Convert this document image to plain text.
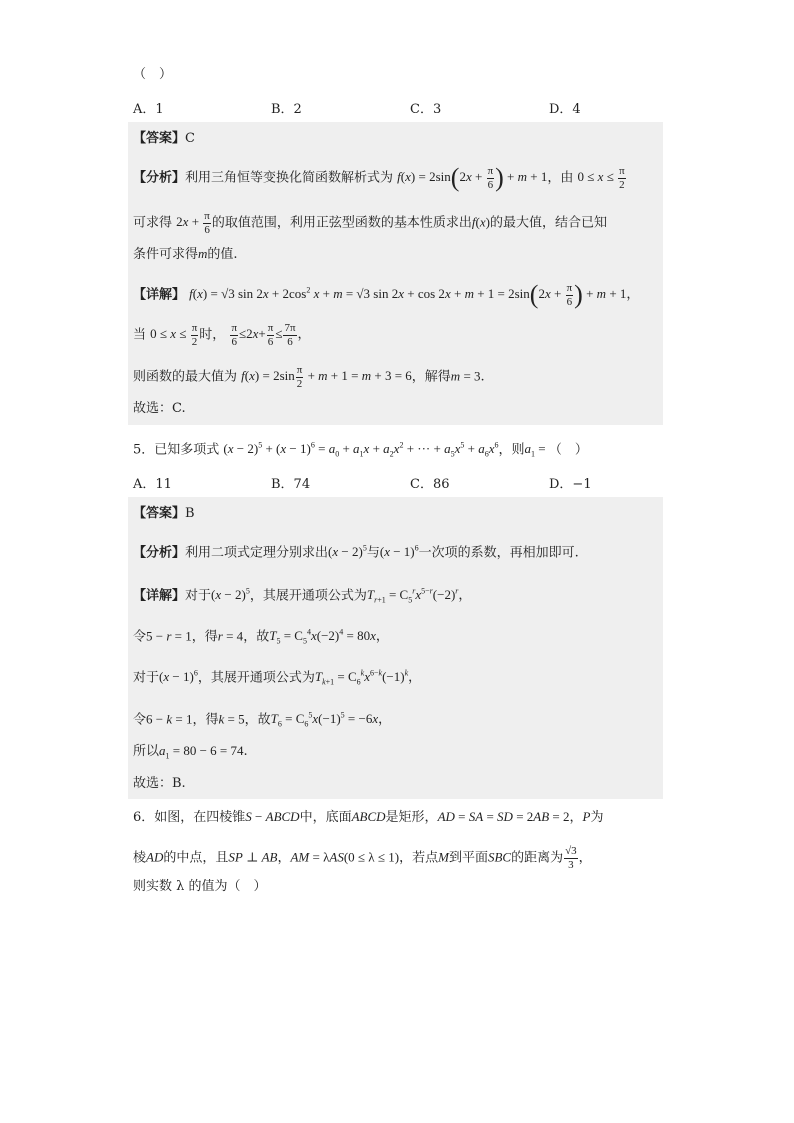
（　）
A．1	B．2	C．3	D．4
【答案】C
【分析】利用三角恒等变换化简函数解析式为 $f(x) = 2\sin(2x + \frac{\pi}{6}$ ) + m + 1，由 $0 \le x \le \frac{\pi}{2}$
可求得 $2x + \frac{\pi}{6}$ 的取值范围，利用正弦型函数的基本性质求出f(x)的最大值，结合已知
条件可求得m的值.
【详解】 f(x) = √3 $\sin 2x + 2\cos^2$ x + m = √3 $\sin 2x + \cos 2x + m + 1 = 2\sin(2x + \frac{\pi}{6}$ ) + m + 1，
当 $0 \le x \le \frac{\pi}{2}$ 时， $\frac{\pi}{6} \le 2x+ \frac{\pi}{6} \le \frac{7\pi}{6}$ ，
则函数的最大值为 $f(x) = 2\sin \frac{\pi}{2} + m + 1 = m + 3 = 6$，解得m = 3.
故选：C.
5．已知多项式 $(x - 2)^5 + (x - 1)^6 = a_0 + a_1x + a_2x^2$ + ··· + $a_5x^5 + a_6x^6$，则$a_1$ = （　）
A．11	B．74	C．86	D．−1
【答案】B
【分析】利用二项式定理分别求出$(x - 2)^5$与$(x - 1)^6$一次项的系数，再相加即可.
【详解】对于$(x - 2)^5$，其展开通项公式为$T_{r+1} = C_5^rx^{5-r}(-2)^r$，
令5 − r = 1，得r = 4，故$T_5 = C_5^4x(-2)^4 = 80x$，
对于$(x - 1)^6$，其展开通项公式为$T_{k+1} = C_6^kx^{6-k}(-1)^k$，
令6 − k = 1，得k = 5，故$T_6 = C_6^5x(-1)^5 = -6x$，
所以$a_1 = 80 - 6 = 74$.
故选：B.
6．如图，在四棱锥S − ABCD中，底面ABCD是矩形，AD = SA = SD = 2AB = 2，P为
棱AD的中点，且SP ⊥ AB，AM = λAS(0 ≤ λ ≤ 1)，若点M到平面SBC的距离为 $\frac{√3}{3}$ ，
则实数 λ 的值为（　）
